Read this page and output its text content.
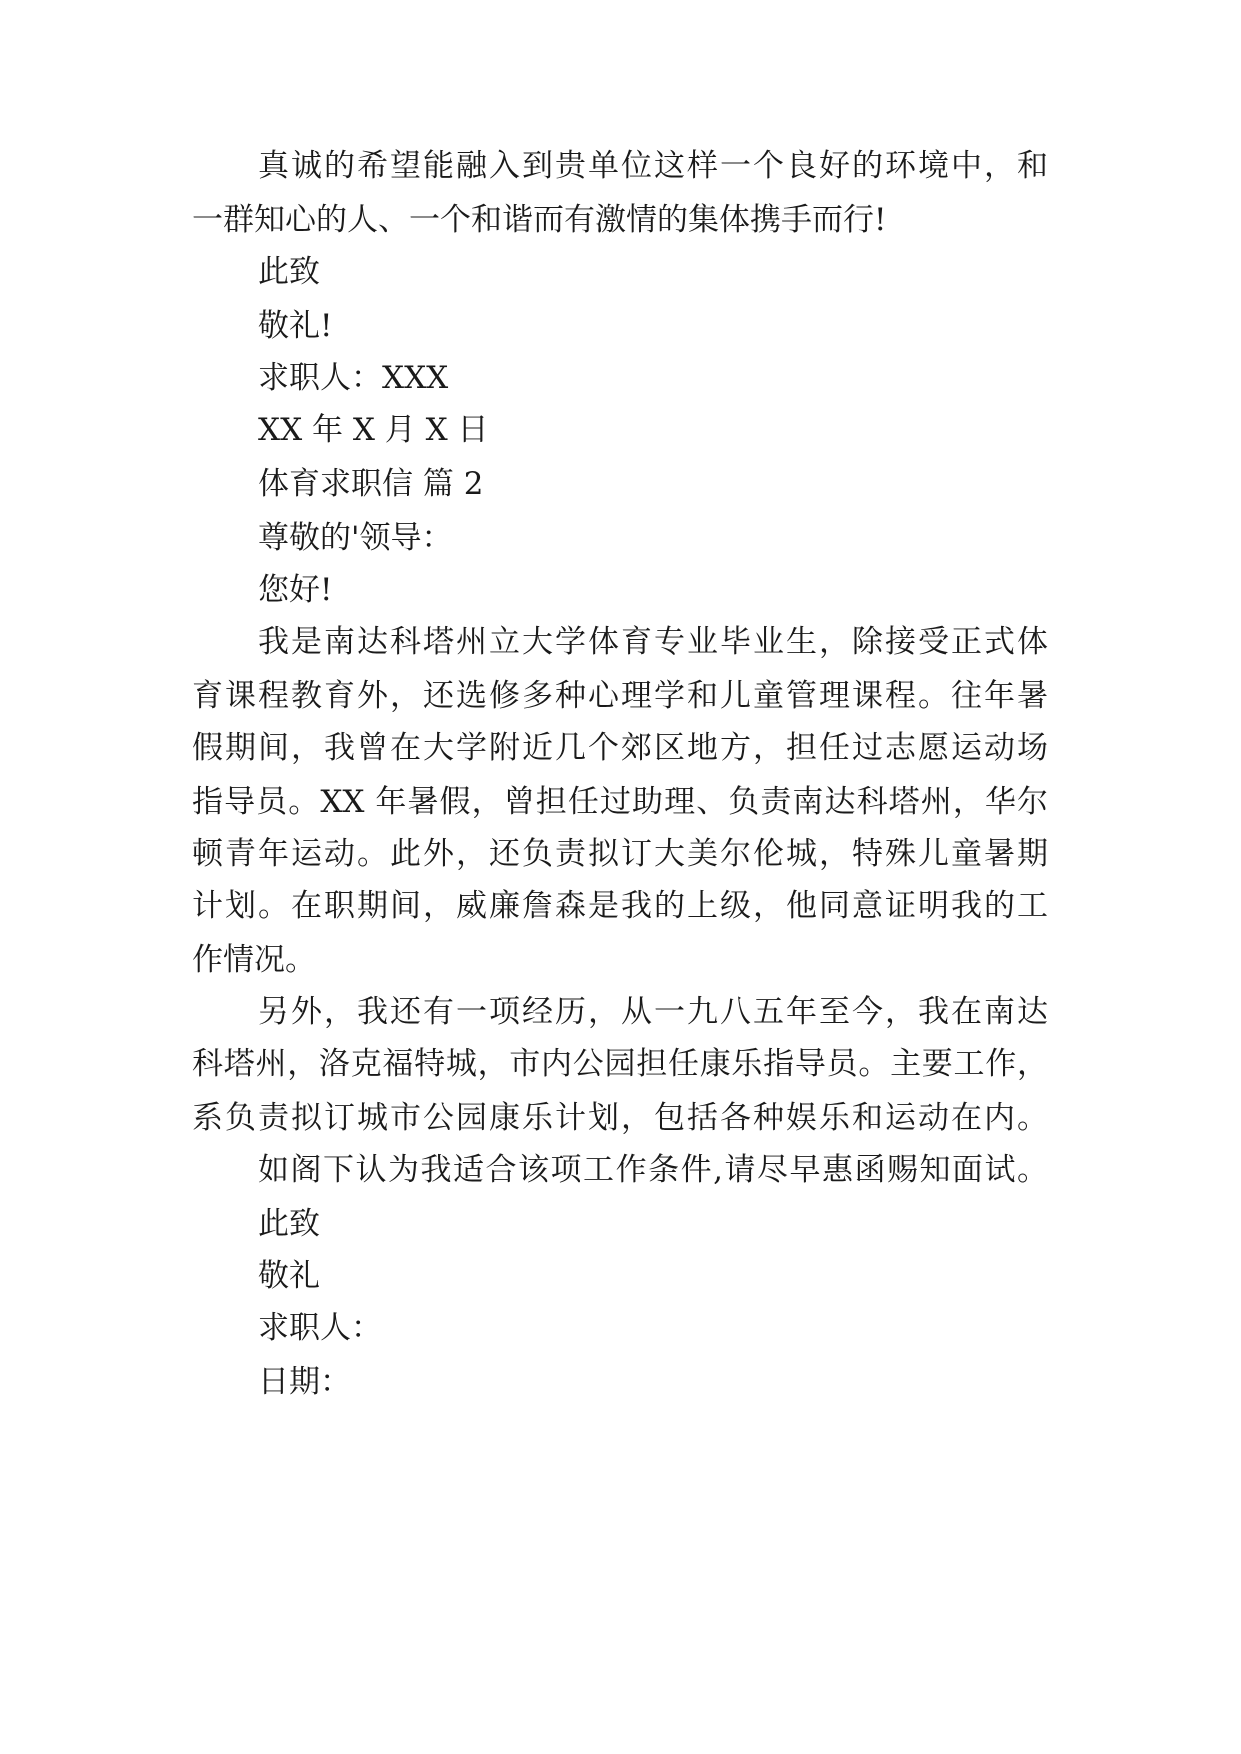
真诚的希望能融入到贵单位这样一个良好的环境中，和
一群知心的人、一个和谐而有激情的集体携手而行!
此致
敬礼!
求职人：XXX
XX 年 X 月 X 日
体育求职信 篇 2
尊敬的'领导：
您好!
我是南达科塔州立大学体育专业毕业生，除接受正式体
育课程教育外，还选修多种心理学和儿童管理课程。往年暑
假期间，我曾在大学附近几个郊区地方，担任过志愿运动场
指导员。XX 年暑假，曾担任过助理、负责南达科塔州，华尔
顿青年运动。此外，还负责拟订大美尔伦城，特殊儿童暑期
计划。在职期间，威廉詹森是我的上级，他同意证明我的工
作情况。
另外，我还有一项经历，从一九八五年至今，我在南达
科塔州，洛克福特城，市内公园担任康乐指导员。主要工作，
系负责拟订城市公园康乐计划，包括各种娱乐和运动在内。
如阁下认为我适合该项工作条件,请尽早惠函赐知面试。
此致
敬礼
求职人：
日期：
